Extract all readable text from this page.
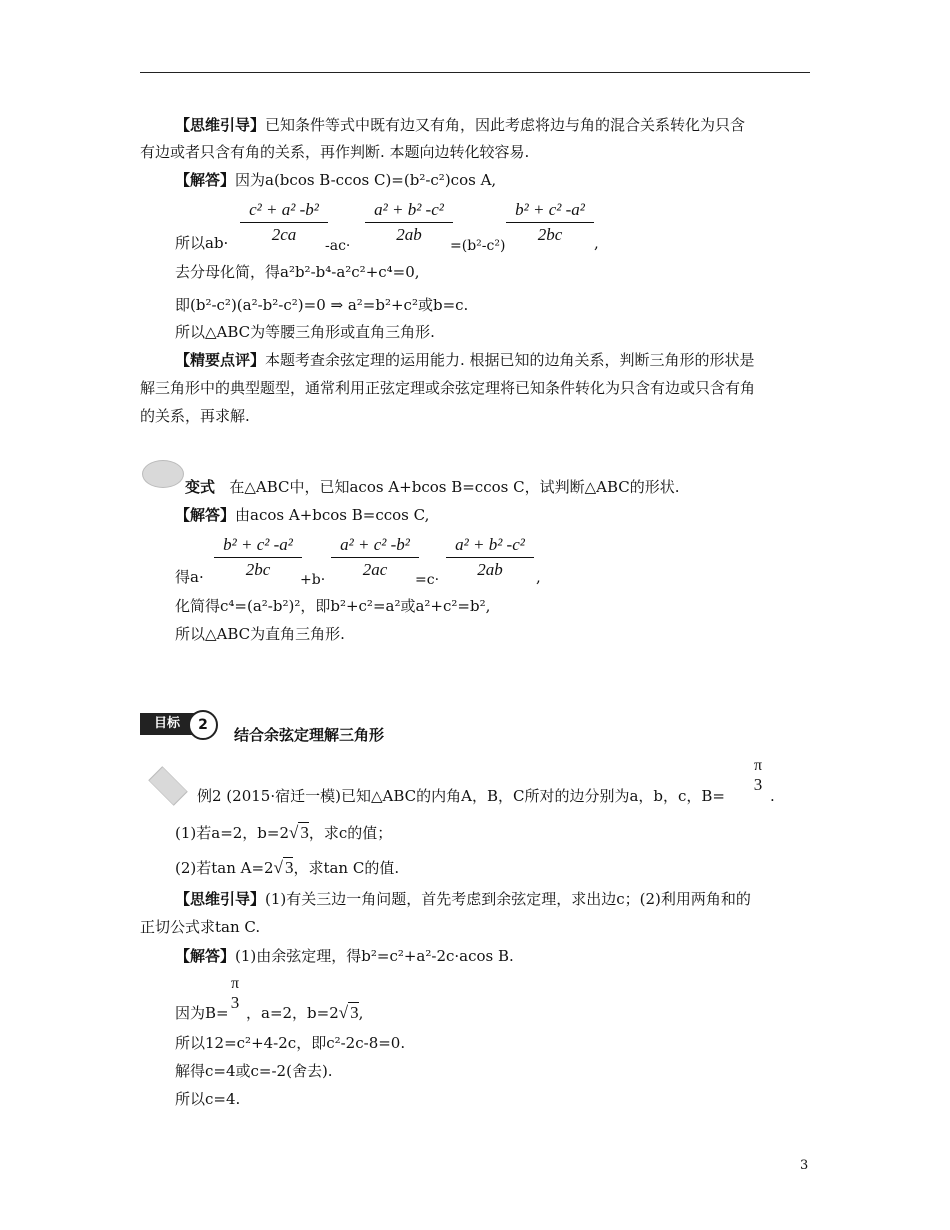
【思维引导】已知条件等式中既有边又有角，因此考虑将边与角的混合关系转化为只含
有边或者只含有角的关系，再作判断. 本题向边转化较容易.
【解答】因为a(bcos B-ccos C)=(b²-c²)cos A,
所以ab·
c² + a² -b²
2ca
-ac·
a² + b² -c²
2ab
=(b²-c²)
b² + c² -a²
2bc	,
去分母化简，得a²b²-b⁴-a²c²+c⁴=0,
即(b²-c²)(a²-b²-c²)=0 ⇒ a²=b²+c²或b=c.
所以△ABC为等腰三角形或直角三角形.
【精要点评】本题考查余弦定理的运用能力. 根据已知的边角关系，判断三角形的形状是
解三角形中的典型题型，通常利用正弦定理或余弦定理将已知条件转化为只含有边或只含有角
的关系，再求解.
变式 在△ABC中，已知acos A+bcos B=ccos C，试判断△ABC的形状.
【解答】由acos A+bcos B=ccos C,
得a·
b² + c² -a²
2bc
+b·
a² + c² -b²
2ac
=c·
a² + b² -c²
2ab	,
化简得c⁴=(a²-b²)²，即b²+c²=a²或a²+c²=b²,
所以△ABC为直角三角形.
目标	2
结合余弦定理解三角形
例2 (2015·宿迁一模)已知△ABC的内角A，B，C所对的边分别为a，b，c，B=
π
3
.
(1)若a=2，b=2√ 3，求c的值；
(2)若tan A=2√ 3，求tan C的值.
【思维引导】(1)有关三边一角问题，首先考虑到余弦定理，求出边c；(2)利用两角和的
正切公式求tan C.
【解答】(1)由余弦定理，得b²=c²+a²-2c·acos B.
因为B=
π
3
，a=2，b=2√ 3,
所以12=c²+4-2c，即c²-2c-8=0.
解得c=4或c=-2(舍去).
所以c=4.
3
